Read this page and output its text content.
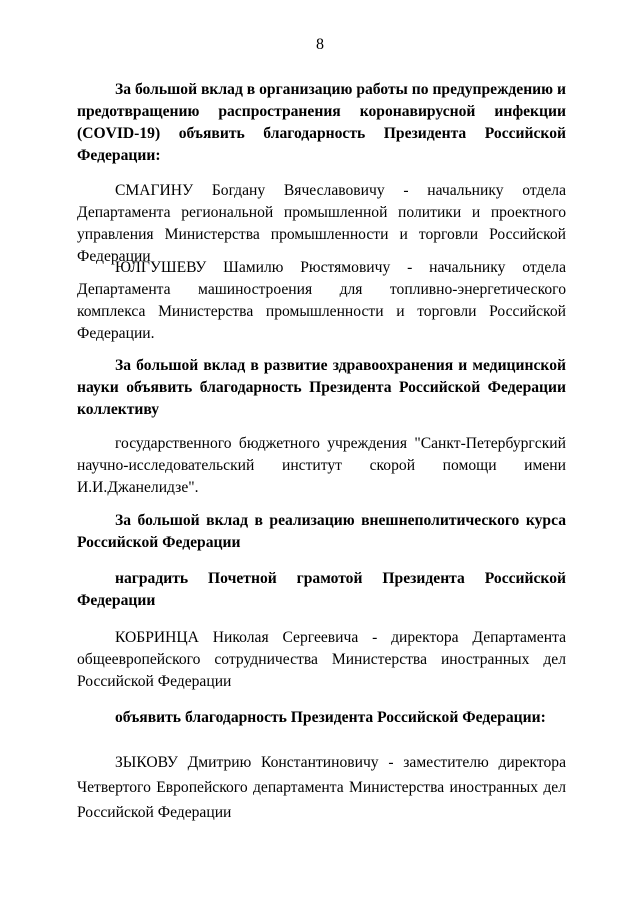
8
За большой вклад в организацию работы по предупреждению и предотвращению распространения коронавирусной инфекции (COVID-19) объявить благодарность Президента Российской Федерации:
СМАГИНУ Богдану Вячеславовичу - начальнику отдела Департамента региональной промышленной политики и проектного управления Министерства промышленности и торговли Российской Федерации
ЮЛГУШЕВУ Шамилю Рюстямовичу - начальнику отдела Департамента машиностроения для топливно-энергетического комплекса Министерства промышленности и торговли Российской Федерации.
За большой вклад в развитие здравоохранения и медицинской науки объявить благодарность Президента Российской Федерации коллективу
государственного бюджетного учреждения "Санкт-Петербургский научно-исследовательский институт скорой помощи имени И.И.Джанелидзе".
За большой вклад в реализацию внешнеполитического курса Российской Федерации
наградить Почетной грамотой Президента Российской Федерации
КОБРИНЦА Николая Сергеевича - директора Департамента общеевропейского сотрудничества Министерства иностранных дел Российской Федерации
объявить благодарность Президента Российской Федерации:
ЗЫКОВУ Дмитрию Константиновичу - заместителю директора Четвертого Европейского департамента Министерства иностранных дел Российской Федерации
